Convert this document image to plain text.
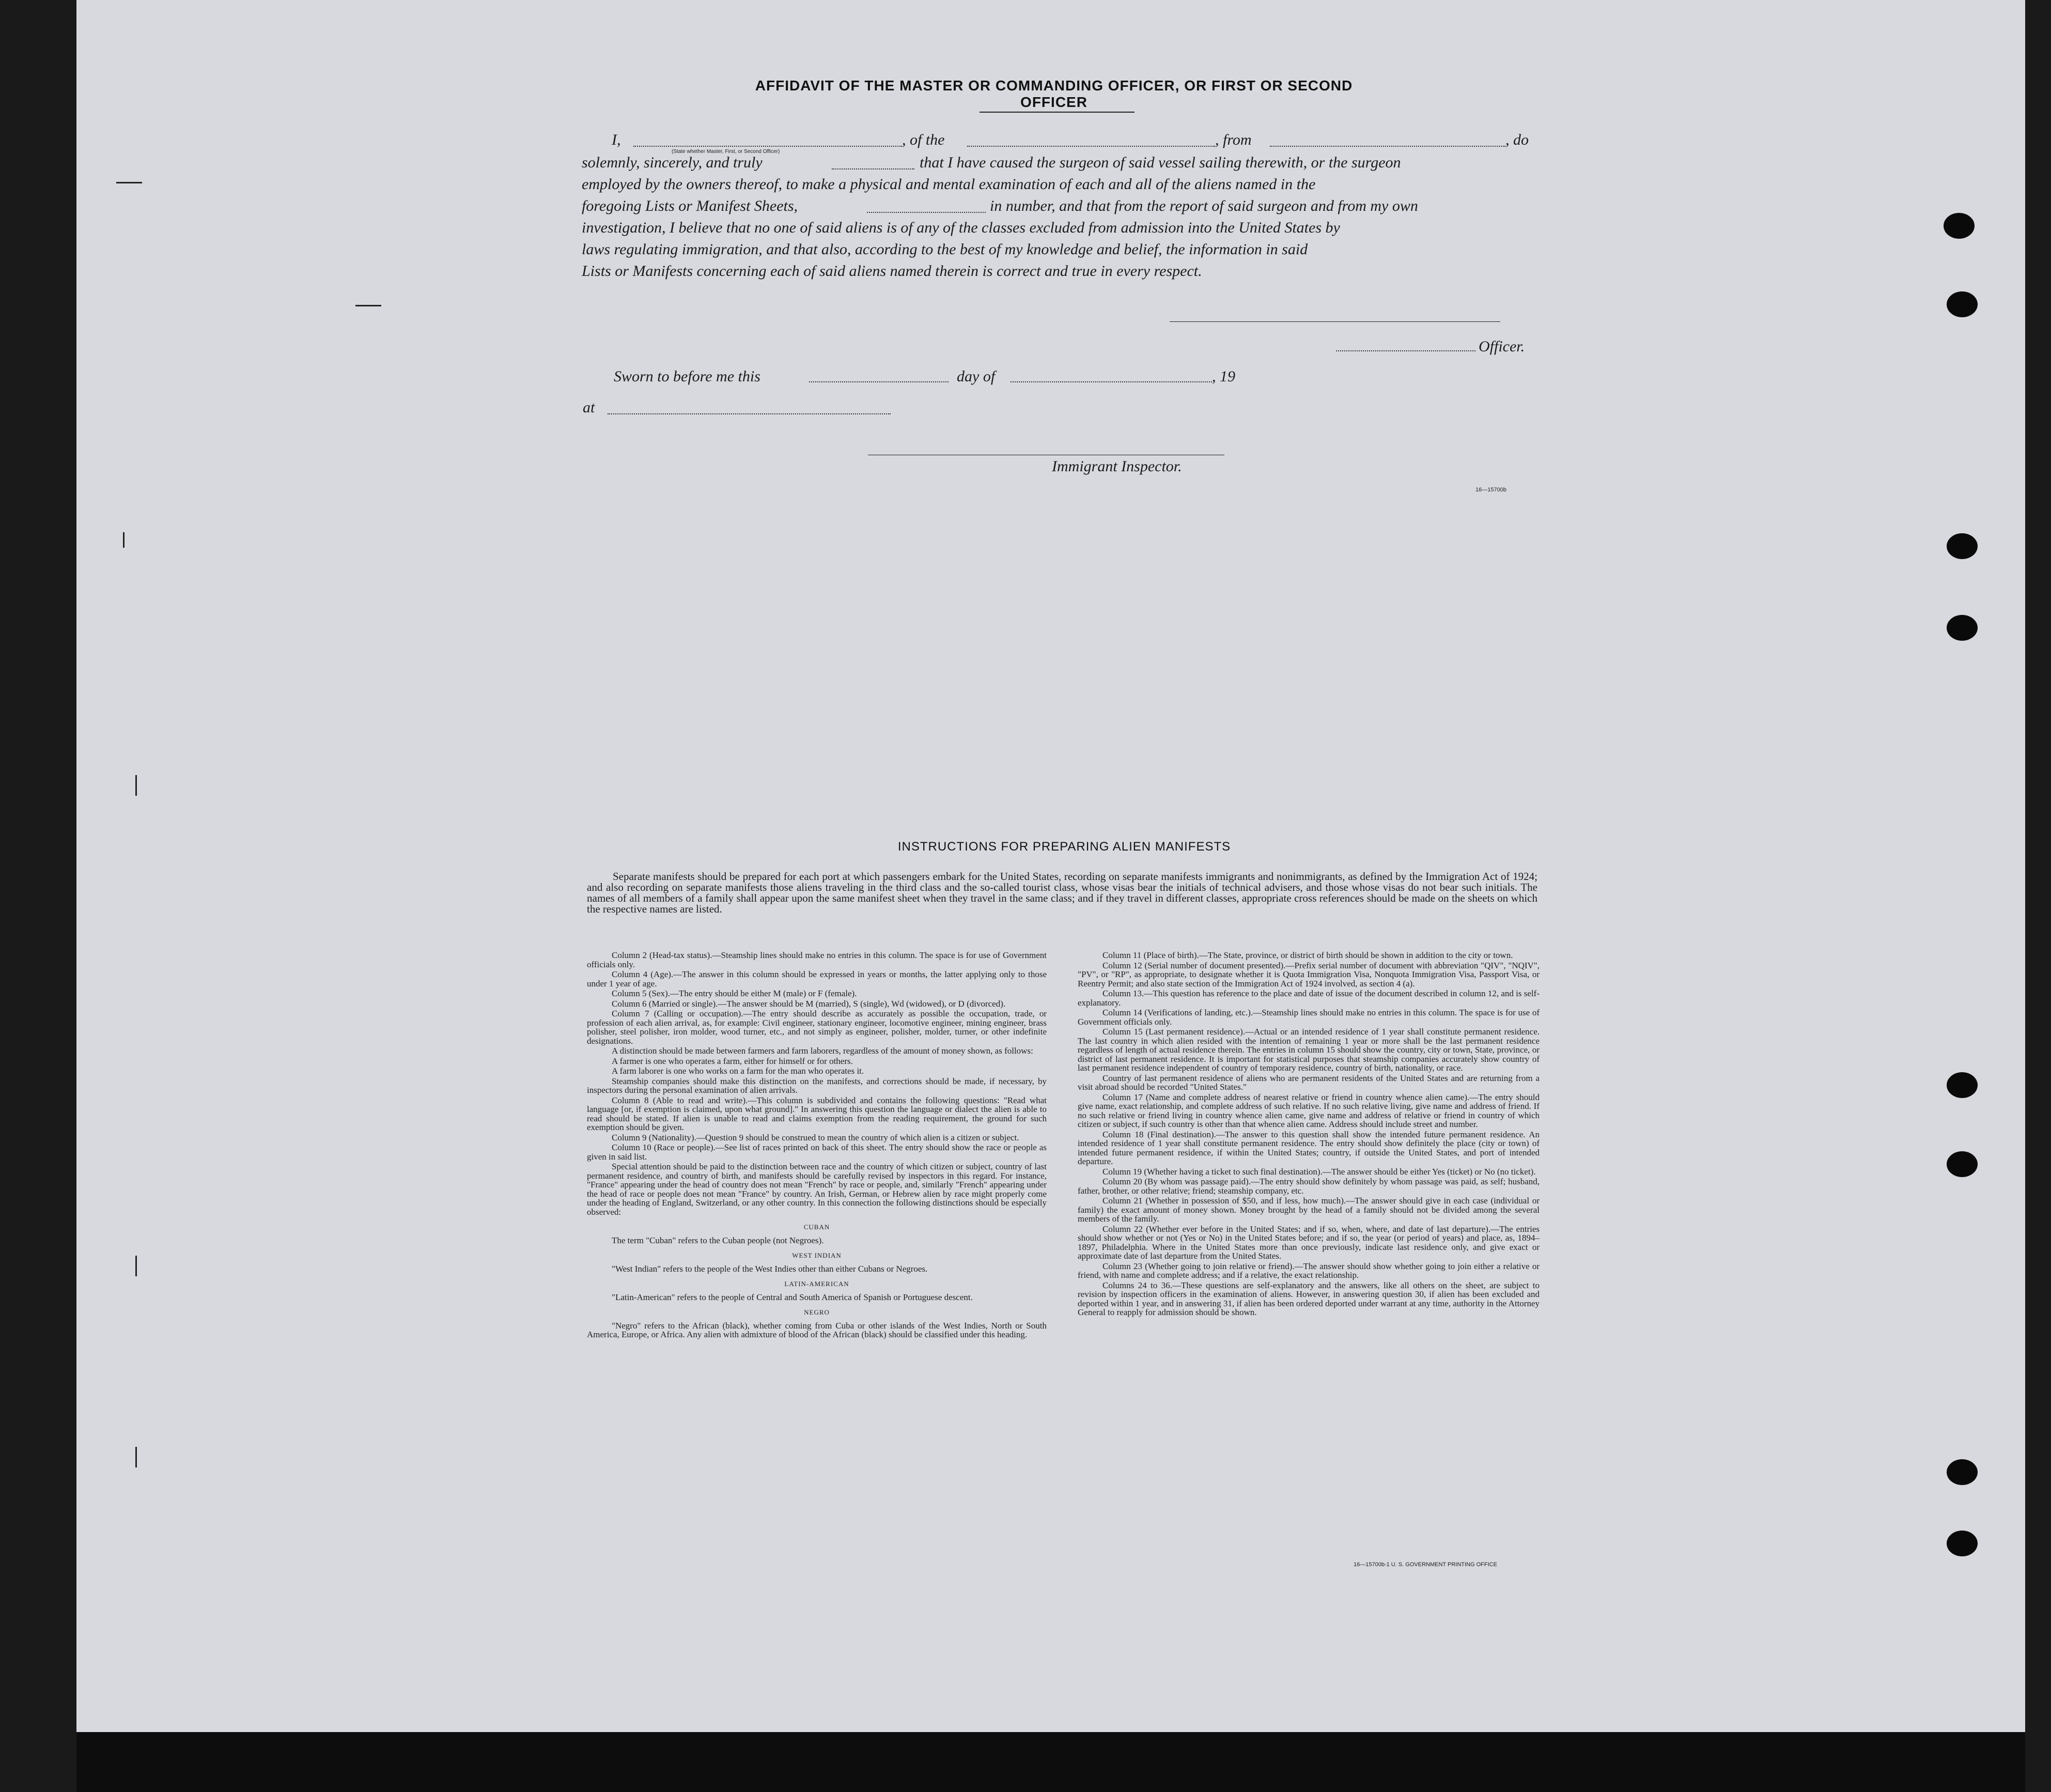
AFFIDAVIT OF THE MASTER OR COMMANDING OFFICER, OR FIRST OR SECOND OFFICER
I,
(State whether Master, First, or Second Officer)
, of the	, from	, do
solemnly, sincerely, and truly	that I have caused the surgeon of said vessel sailing therewith, or the surgeon
employed by the owners thereof, to make a physical and mental examination of each and all of the aliens named in the
foregoing Lists or Manifest Sheets,	in number, and that from the report of said surgeon and from my own
investigation, I believe that no one of said aliens is of any of the classes excluded from admission into the United States by
laws regulating immigration, and that also, according to the best of my knowledge and belief, the information in said
Lists or Manifests concerning each of said aliens named therein is correct and true in every respect.
Officer.
Sworn to before me this	day of	, 19
at
Immigrant Inspector.
16—15700b
INSTRUCTIONS FOR PREPARING ALIEN MANIFESTS

Separate manifests should be prepared for each port at which passengers embark for the United States, recording on separate manifests immigrants and nonimmigrants, as defined by the Immigration Act of 1924; and also recording on separate manifests those aliens traveling in the third class and the so-called tourist class, whose visas bear the initials of technical advisers, and those whose visas do not bear such initials. The names of all members of a family shall appear upon the same manifest sheet when they travel in the same class; and if they travel in different classes, appropriate cross references should be made on the sheets on which the respective names are listed.

Column 2 (Head-tax status).—Steamship lines should make no entries in this column. The space is for use of Government officials only.

Column 4 (Age).—The answer in this column should be expressed in years or months, the latter applying only to those under 1 year of age.

Column 5 (Sex).—The entry should be either M (male) or F (female).

Column 6 (Married or single).—The answer should be M (married), S (single), Wd (widowed), or D (divorced).

Column 7 (Calling or occupation).—The entry should describe as accurately as possible the occupation, trade, or profession of each alien arrival, as, for example: Civil engineer, stationary engineer, locomotive engineer, mining engineer, brass polisher, steel polisher, iron molder, wood turner, etc., and not simply as engineer, polisher, molder, turner, or other indefinite designations.

A distinction should be made between farmers and farm laborers, regardless of the amount of money shown, as follows:

A farmer is one who operates a farm, either for himself or for others.

A farm laborer is one who works on a farm for the man who operates it.

Steamship companies should make this distinction on the manifests, and corrections should be made, if necessary, by inspectors during the personal examination of alien arrivals.

Column 8 (Able to read and write).—This column is subdivided and contains the following questions: "Read what language [or, if exemption is claimed, upon what ground]." In answering this question the language or dialect the alien is able to read should be stated. If alien is unable to read and claims exemption from the reading requirement, the ground for such exemption should be given.

Column 9 (Nationality).—Question 9 should be construed to mean the country of which alien is a citizen or subject.

Column 10 (Race or people).—See list of races printed on back of this sheet. The entry should show the race or people as given in said list.

Special attention should be paid to the distinction between race and the country of which citizen or subject, country of last permanent residence, and country of birth, and manifests should be carefully revised by inspectors in this regard. For instance, "France" appearing under the head of country does not mean "French" by race or people, and, similarly "French" appearing under the head of race or people does not mean "France" by country. An Irish, German, or Hebrew alien by race might properly come under the heading of England, Switzerland, or any other country. In this connection the following distinctions should be especially observed:

CUBAN

The term "Cuban" refers to the Cuban people (not Negroes).

WEST INDIAN

"West Indian" refers to the people of the West Indies other than either Cubans or Negroes.

LATIN-AMERICAN

"Latin-American" refers to the people of Central and South America of Spanish or Portuguese descent.

NEGRO

"Negro" refers to the African (black), whether coming from Cuba or other islands of the West Indies, North or South America, Europe, or Africa. Any alien with admixture of blood of the African (black) should be classified under this heading.

Column 11 (Place of birth).—The State, province, or district of birth should be shown in addition to the city or town.

Column 12 (Serial number of document presented).—Prefix serial number of document with abbreviation "QIV", "NQIV", "PV", or "RP", as appropriate, to designate whether it is Quota Immigration Visa, Nonquota Immigration Visa, Passport Visa, or Reentry Permit; and also state section of the Immigration Act of 1924 involved, as section 4 (a).

Column 13.—This question has reference to the place and date of issue of the document described in column 12, and is self-explanatory.

Column 14 (Verifications of landing, etc.).—Steamship lines should make no entries in this column. The space is for use of Government officials only.

Column 15 (Last permanent residence).—Actual or an intended residence of 1 year shall constitute permanent residence. The last country in which alien resided with the intention of remaining 1 year or more shall be the last permanent residence regardless of length of actual residence therein. The entries in column 15 should show the country, city or town, State, province, or district of last permanent residence. It is important for statistical purposes that steamship companies accurately show country of last permanent residence independent of country of temporary residence, country of birth, nationality, or race.

Country of last permanent residence of aliens who are permanent residents of the United States and are returning from a visit abroad should be recorded "United States."

Column 17 (Name and complete address of nearest relative or friend in country whence alien came).—The entry should give name, exact relationship, and complete address of such relative. If no such relative living, give name and address of friend. If no such relative or friend living in country whence alien came, give name and address of relative or friend in country of which citizen or subject, if such country is other than that whence alien came. Address should include street and number.

Column 18 (Final destination).—The answer to this question shall show the intended future permanent residence. An intended residence of 1 year shall constitute permanent residence. The entry should show definitely the place (city or town) of intended future permanent residence, if within the United States; country, if outside the United States, and port of intended departure.

Column 19 (Whether having a ticket to such final destination).—The answer should be either Yes (ticket) or No (no ticket).

Column 20 (By whom was passage paid).—The entry should show definitely by whom passage was paid, as self; husband, father, brother, or other relative; friend; steamship company, etc.

Column 21 (Whether in possession of $50, and if less, how much).—The answer should give in each case (individual or family) the exact amount of money shown. Money brought by the head of a family should not be divided among the several members of the family.

Column 22 (Whether ever before in the United States; and if so, when, where, and date of last departure).—The entries should show whether or not (Yes or No) in the United States before; and if so, the year (or period of years) and place, as, 1894–1897, Philadelphia. Where in the United States more than once previously, indicate last residence only, and give exact or approximate date of last departure from the United States.

Column 23 (Whether going to join relative or friend).—The answer should show whether going to join either a relative or friend, with name and complete address; and if a relative, the exact relationship.

Columns 24 to 36.—These questions are self-explanatory and the answers, like all others on the sheet, are subject to revision by inspection officers in the examination of aliens. However, in answering question 30, if alien has been excluded and deported within 1 year, and in answering 31, if alien has been ordered deported under warrant at any time, authority in the Attorney General to reapply for admission should be shown.

16—15700b-1 U. S. GOVERNMENT PRINTING OFFICE
